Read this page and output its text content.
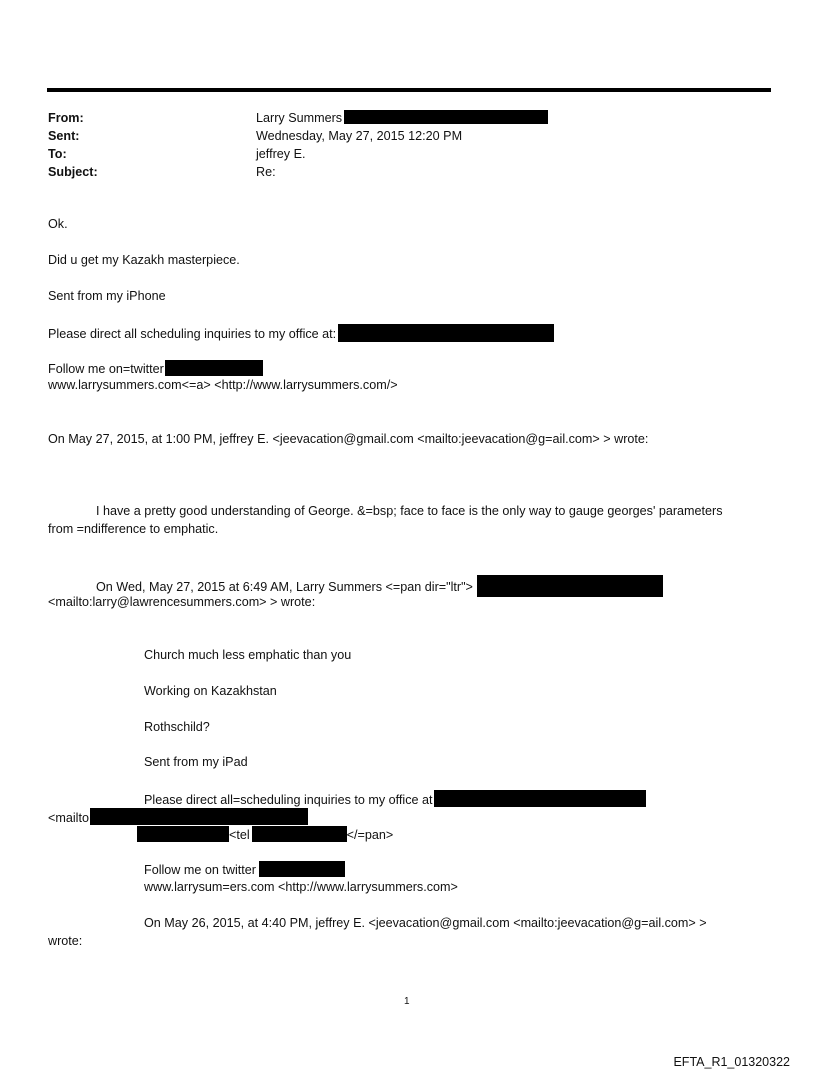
From:	Larry Summers
Sent:	Wednesday, May 27, 2015 12:20 PM
To:	jeffrey E.
Subject:	Re:
Ok.
Did u get my Kazakh masterpiece.
Sent from my iPhone
Please direct all scheduling inquiries to my office at:
Follow me on=twitter
www.larrysummers.com<=a> <http://www.larrysummers.com/>
On May 27, 2015, at 1:00 PM, jeffrey E. <jeevacation@gmail.com <mailto:jeevacation@g=ail.com> > wrote:
I have a pretty good understanding of George. &=bsp; face to face is the only way to gauge georges' parameters
from =ndifference to emphatic.
On Wed, May 27, 2015 at 6:49 AM, Larry Summers <=pan dir="ltr">
<mailto:larry@lawrencesummers.com> > wrote:
Church much less emphatic than you
Working on Kazakhstan
Rothschild?
Sent from my iPad
Please direct all=scheduling inquiries to my office at
<mailto
<tel	</=pan>
Follow me on twitter
www.larrysum=ers.com <http://www.larrysummers.com>
On May 26, 2015, at 4:40 PM, jeffrey E. <jeevacation@gmail.com <mailto:jeevacation@g=ail.com> >
wrote:
1
EFTA_R1_01320322
